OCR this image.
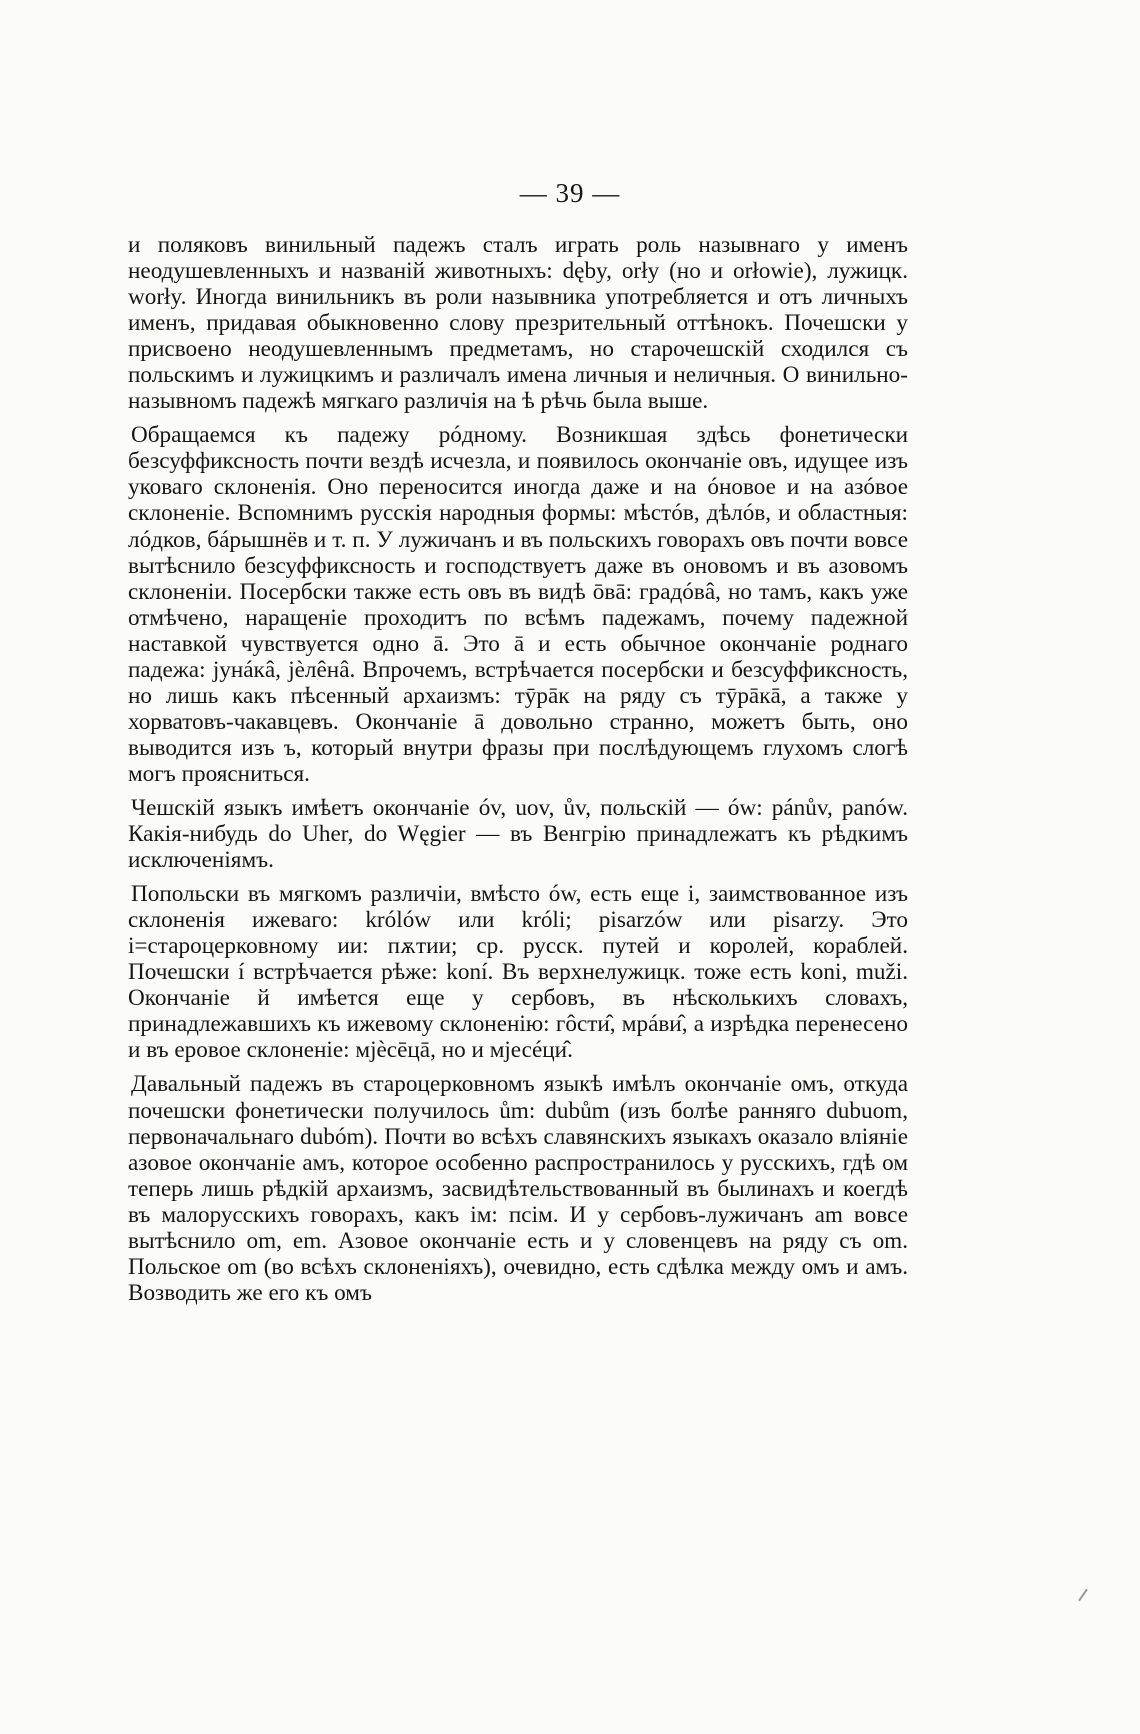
— 39 —

и поляковъ винильный падежъ сталъ играть роль назывнаго у именъ неодушевленныхъ и названій животныхъ: dęby, orły (но и orłowie), лужицк. worły. Иногда винильникъ въ роли назывника употребляется и отъ личныхъ именъ, придавая обыкновенно слову презрительный оттѣнокъ. Почешски у присвоено неодушевленнымъ предметамъ, но старочешскій сходился съ польскимъ и лужицкимъ и различалъ имена личныя и неличныя. О винильно-назывномъ падежѣ мягкаго различія на ѣ рѣчь была выше.

Обращаемся къ падежу рóдному. Возникшая здѣсь фонетически безсуффиксность почти вездѣ исчезла, и появилось окончаніе овъ, идущее изъ уковаго склоненія. Оно переносится иногда даже и на óновое и на азóвое склоненіе. Вспомнимъ русскія народныя формы: мѣстóв, дѣлóв, и областныя: лóдков, бáрышнёв и т. п. У лужичанъ и въ польскихъ говорахъ овъ почти вовсе вытѣснило безсуффиксность и господствуетъ даже въ оновомъ и въ азовомъ склоненіи. Посербски также есть овъ въ видѣ ōвā: градóвâ, но тамъ, какъ уже отмѣчено, наращеніе проходитъ по всѣмъ падежамъ, почему падежной наставкой чувствуется одно ā. Это ā и есть обычное окончаніе роднаго падежа: јунáкâ, јèлêнâ. Впрочемъ, встрѣчается посербски и безсуффиксность, но лишь какъ пѣсенный архаизмъ: тӯрāк на ряду съ тӯрāкā, а также у хорватовъ-чакавцевъ. Окончаніе ā довольно странно, можетъ быть, оно выводится изъ ъ, который внутри фразы при послѣдующемъ глухомъ слогѣ могъ проясниться.

Чешскій языкъ имѣетъ окончаніе óv, uov, ův, польскій — ów: pánův, panów. Какія-нибудь do Uher, do Węgier — въ Венгрію принадлежатъ къ рѣдкимъ исключеніямъ.

Попольски въ мягкомъ различіи, вмѣсто ów, есть еще i, заимствованное изъ склоненія ижеваго: królów или króli; pisarzów или pisarzy. Это i=староцерковному ии: пѫтии; ср. русск. путей и королей, кораблей. Почешски í встрѣчается рѣже: koní. Въ верхнелужицк. тоже есть koni, muži. Окончаніе й имѣется еще у сербовъ, въ нѣсколькихъ словахъ, принадлежавшихъ къ ижевому склоненію: гôсти̂, мрáви̂, а изрѣдка перенесено и въ еровое склоненіе: мјѐсēцā, но и мјесéци̂.

Давальный падежъ въ староцерковномъ языкѣ имѣлъ окончаніе омъ, откуда почешски фонетически получилось ům: dubům (изъ болѣе ранняго dubuom, первоначальнаго dubóm). Почти во всѣхъ славянскихъ языкахъ оказало вліяніе азовое окончаніе амъ, которое особенно распространилось у русскихъ, гдѣ ом теперь лишь рѣдкій архаизмъ, засвидѣтельствованный въ былинахъ и коегдѣ въ малорусскихъ говорахъ, какъ ім: псім. И у сербовъ-лужичанъ am вовсе вытѣснило om, em. Азовое окончаніе есть и у словенцевъ на ряду съ om. Польское om (во всѣхъ склоненіяхъ), очевидно, есть сдѣлка между омъ и амъ. Возводить же его къ омъ
